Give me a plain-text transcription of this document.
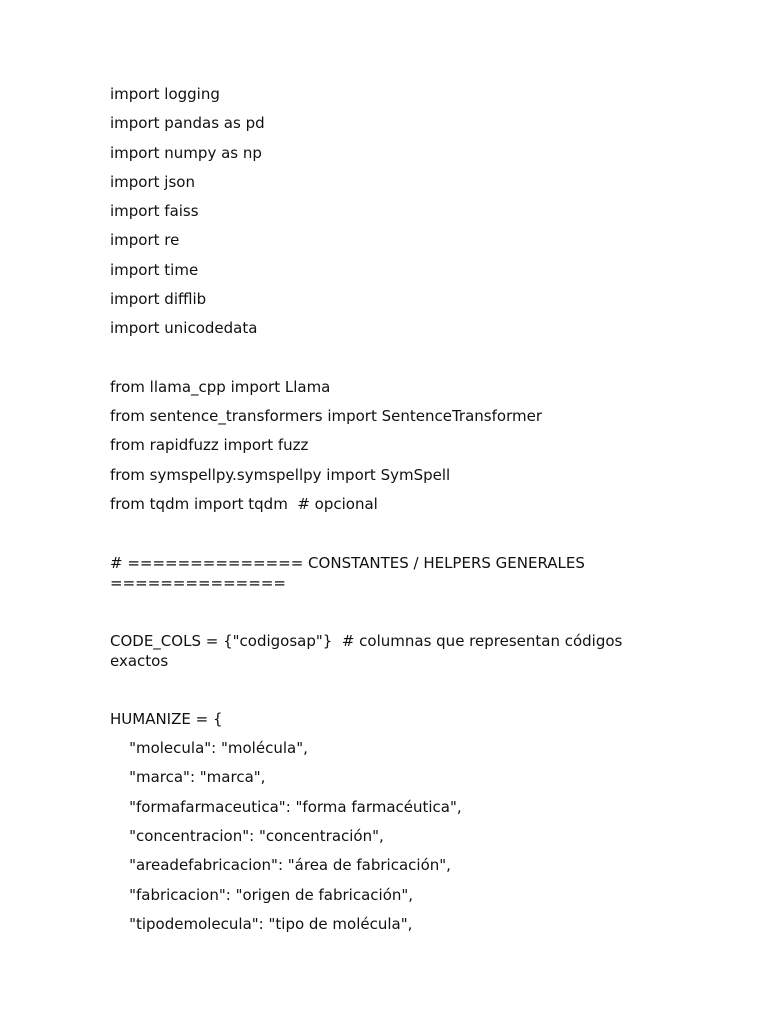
import logging

import pandas as pd

import numpy as np

import json

import faiss

import re

import time

import difflib

import unicodedata

from llama_cpp import Llama

from sentence_transformers import SentenceTransformer

from rapidfuzz import fuzz

from symspellpy.symspellpy import SymSpell

from tqdm import tqdm  # opcional

# ============== CONSTANTES / HELPERS GENERALES ==============

CODE_COLS = {"codigosap"}  # columnas que representan códigos exactos

HUMANIZE = {

"molecula": "molécula",

"marca": "marca",

"formafarmaceutica": "forma farmacéutica",

"concentracion": "concentración",

"areadefabricacion": "área de fabricación",

"fabricacion": "origen de fabricación",

"tipodemolecula": "tipo de molécula",
